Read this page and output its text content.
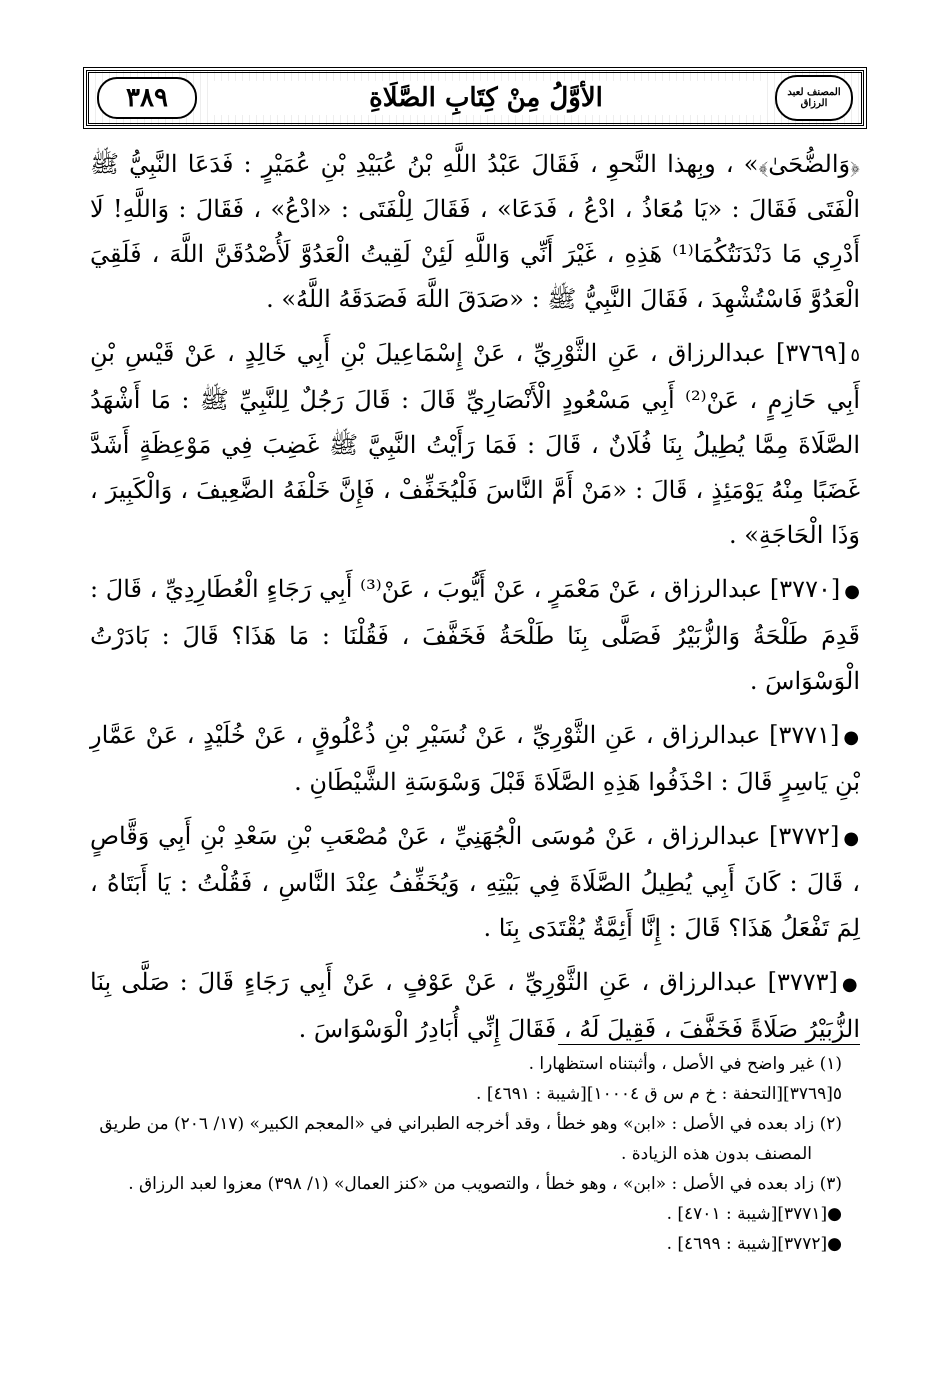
٣٨٩	الأوَّلُ مِنْ كِتَابِ الصَّلَاةِ	المصنف لعبد الرزاق

﴿وَالضُّحَىٰ﴾» ، وبِهذا النَّحوِ ، فَقَالَ عَبْدُ اللَّهِ بْنُ عُبَيْدِ بْنِ عُمَيْرٍ : فَدَعَا النَّبِيُّ ﷺ الْفَتَى فَقَالَ : «يَا مُعَاذُ ، ادْعُ ، فَدَعَا» ، فَقَالَ لِلْفَتَى : «ادْعُ» ، فَقَالَ : وَاللَّهِ! لَا أَدْرِي مَا دَنْدَنَتُكُمَا⁽¹⁾ هَذِهِ ، غَيْرَ أَنِّي وَاللَّهِ لَئِنْ لَقِيتُ الْعَدُوَّ لَأُصْدُقَنَّ اللَّهَ ، فَلَقِيَ الْعَدُوَّ فَاسْتُشْهِدَ ، فَقَالَ النَّبِيُّ ﷺ : «صَدَقَ اللَّهَ فَصَدَقَهُ اللَّهُ» .

٥[٣٧٦٩] عبدالرزاق ، عَنِ الثَّوْرِيِّ ، عَنْ إِسْمَاعِيلَ بْنِ أَبِي خَالِدٍ ، عَنْ قَيْسِ بْنِ أَبِي حَازِمٍ ، عَنْ⁽²⁾ أَبِي مَسْعُودٍ الْأَنْصَارِيِّ قَالَ : قَالَ رَجُلٌ لِلنَّبِيِّ ﷺ : مَا أَشْهَدُ الصَّلَاةَ مِمَّا يُطِيلُ بِنَا فُلَانٌ ، قَالَ : فَمَا رَأَيْتُ النَّبِيَّ ﷺ غَضِبَ فِي مَوْعِظَةٍ أَشَدَّ غَضَبًا مِنْهُ يَوْمَئِذٍ ، قَالَ : «مَنْ أَمَّ النَّاسَ فَلْيُخَفِّفْ ، فَإِنَّ خَلْفَهُ الضَّعِيفَ ، وَالْكَبِيرَ ، وَذَا الْحَاجَةِ» .

●[٣٧٧٠] عبدالرزاق ، عَنْ مَعْمَرٍ ، عَنْ أَيُّوبَ ، عَنْ⁽³⁾ أَبِي رَجَاءٍ الْعُطَارِدِيِّ ، قَالَ : قَدِمَ طَلْحَةُ وَالزُّبَيْرُ فَصَلَّى بِنَا طَلْحَةُ فَخَفَّفَ ، فَقُلْنَا : مَا هَذَا؟ قَالَ : بَادَرْتُ الْوَسْوَاسَ .

●[٣٧٧١] عبدالرزاق ، عَنِ الثَّوْرِيِّ ، عَنْ نُسَيْرِ بْنِ ذُعْلُوقٍ ، عَنْ خُلَيْدٍ ، عَنْ عَمَّارِ بْنِ يَاسِرٍ قَالَ : احْذَفُوا هَذِهِ الصَّلَاةَ قَبْلَ وَسْوَسَةِ الشَّيْطَانِ .

●[٣٧٧٢] عبدالرزاق ، عَنْ مُوسَى الْجُهَنِيِّ ، عَنْ مُصْعَبِ بْنِ سَعْدِ بْنِ أَبِي وَقَّاصٍ ، قَالَ : كَانَ أَبِي يُطِيلُ الصَّلَاةَ فِي بَيْتِهِ ، وَيُخَفِّفُ عِنْدَ النَّاسِ ، فَقُلْتُ : يَا أَبَتَاهُ ، لِمَ تَفْعَلُ هَذَا؟ قَالَ : إِنَّا أَئِمَّةٌ يُقْتَدَى بِنَا .

●[٣٧٧٣] عبدالرزاق ، عَنِ الثَّوْرِيِّ ، عَنْ عَوْفٍ ، عَنْ أَبِي رَجَاءٍ قَالَ : صَلَّى بِنَا الزُّبَيْرُ صَلَاةً فَخَفَّفَ ، فَقِيلَ لَهُ ، فَقَالَ إِنِّي أُبَادِرُ الْوَسْوَاسَ .

(١) غير واضح في الأصل ، وأثبتناه استظهارا .

٥[٣٧٦٩][التحفة : خ م س ق ١٠٠٠٤][شيبة : ٤٦٩١] .

(٢) زاد بعده في الأصل : «ابن» وهو خطأ ، وقد أخرجه الطبراني في «المعجم الكبير» (١٧/ ٢٠٦) من طريق

المصنف بدون هذه الزيادة .

(٣) زاد بعده في الأصل : «ابن» ، وهو خطأ ، والتصويب من «كنز العمال» (١/ ٣٩٨) معزوا لعبد الرزاق .

●[٣٧٧١][شيبة : ٤٧٠١] .

●[٣٧٧٢][شيبة : ٤٦٩٩] .
